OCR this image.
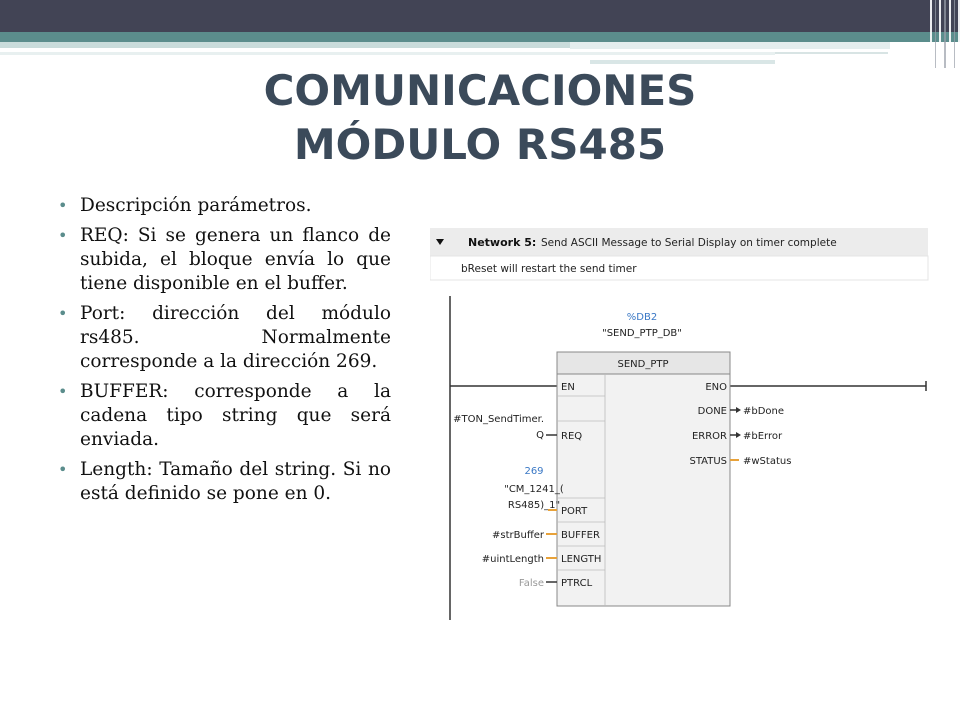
COMUNICACIONES
MÓDULO RS485
• Descripción parámetros.
• REQ: Si se genera un flanco de subida, el bloque envía lo que tiene disponible en el buffer.
• Port: dirección del módulo rs485. Normalmente corresponde a la dirección 269.
• BUFFER: corresponde a la cadena tipo string que será enviada.
• Length: Tamaño del string. Si no está definido se pone en 0.
Network 5: Send ASCII Message to Serial Display on timer complete
bReset will restart the send timer
%DB2
"SEND_PTP_DB"
SEND_PTP
EN
REQ
PORT
BUFFER
LENGTH
PTRCL
ENO
DONE
ERROR
STATUS
#TON_SendTimer.
Q
269
"CM_1241_(
RS485)_1"
#strBuffer
#uintLength
False
#bDone
#bError
#wStatus
